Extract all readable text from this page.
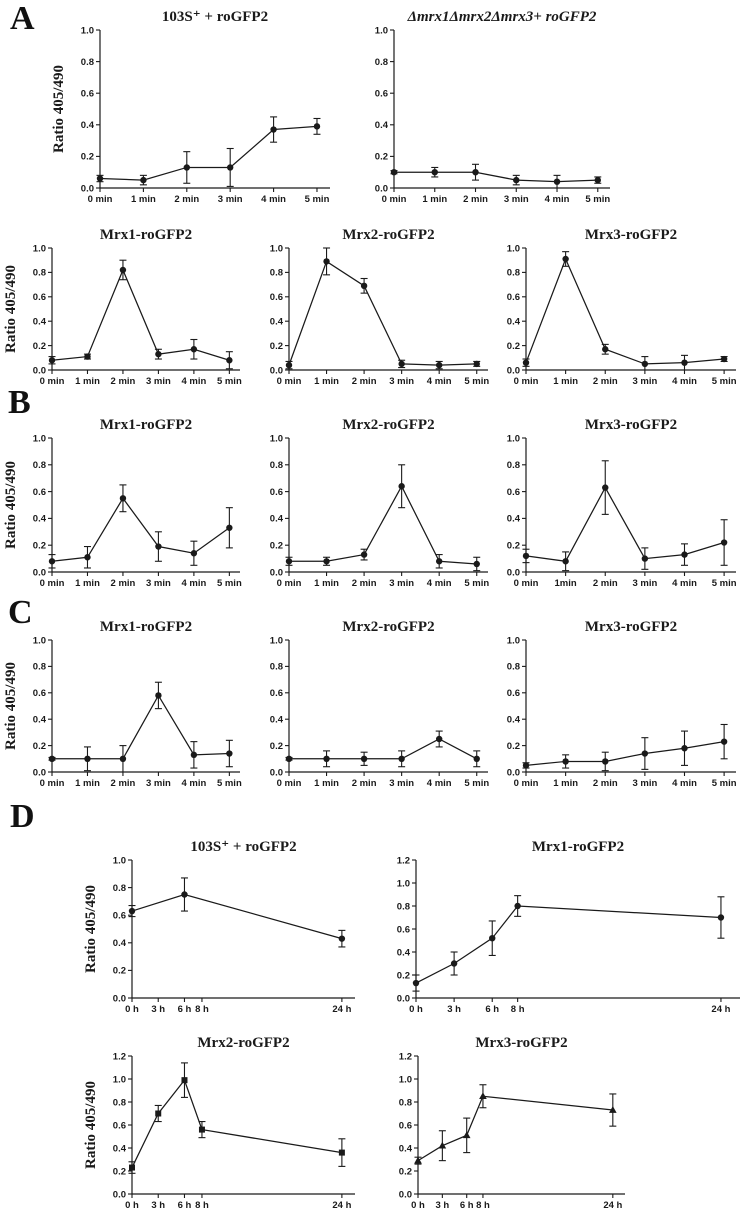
A
B
C
D
103S⁺ + roGFP2
Ratio 405/490
0.0
0.2
0.4
0.6
0.8
1.0
0 min 1 min 2 min 3 min 4 min 5 min
Δmrx1Δmrx2Δmrx3+ roGFP2
0.0
0.2
0.4
0.6
0.8
1.0
0 min 1 min 2 min 3 min 4 min 5 min
Mrx1-roGFP2
Ratio 405/490
0.0
0.2
0.4
0.6
0.8
1.0
0 min 1 min 2 min 3 min 4 min 5 min
Mrx2-roGFP2
0.0
0.2
0.4
0.6
0.8
1.0
0 min 1 min 2 min 3 min 4 min 5 min
Mrx3-roGFP2
0.0
0.2
0.4
0.6
0.8
1.0
0 min 1 min 2 min 3 min 4 min 5 min
Mrx1-roGFP2
Ratio 405/490
0.0
0.2
0.4
0.6
0.8
1.0
0 min 1 min 2 min 3 min 4 min 5 min
Mrx2-roGFP2
0.0
0.2
0.4
0.6
0.8
1.0
0 min 1 min 2 min 3 min 4 min 5 min
Mrx3-roGFP2
0.0
0.2
0.4
0.6
0.8
1.0
0 min 1min 2 min 3 min 4 min 5 min
Mrx1-roGFP2
Ratio 405/490
0.0
0.2
0.4
0.6
0.8
1.0
0 min 1 min 2 min 3 min 4 min 5 min
Mrx2-roGFP2
0.0
0.2
0.4
0.6
0.8
1.0
0 min 1 min 2 min 3 min 4 min 5 min
Mrx3-roGFP2
0.0
0.2
0.4
0.6
0.8
1.0
0 min 1 min 2 min 3 min 4 min 5 min
103S⁺ + roGFP2
Ratio 405/490
0.0
0.2
0.4
0.6
0.8
1.0
0 h 3 h 6 h 8 h	24 h
Mrx1-roGFP2
0.0
0.2
0.4
0.6
0.8
1.0
1.2
0 h	3 h	6 h 8 h	24 h
Mrx2-roGFP2
Ratio 405/490
0.0
0.2
0.4
0.6
0.8
1.0
1.2
0 h 3 h 6 h 8 h	24 h
Mrx3-roGFP2
0.0
0.2
0.4
0.6
0.8
1.0
1.2
0 h 3 h 6 h 8 h	24 h
